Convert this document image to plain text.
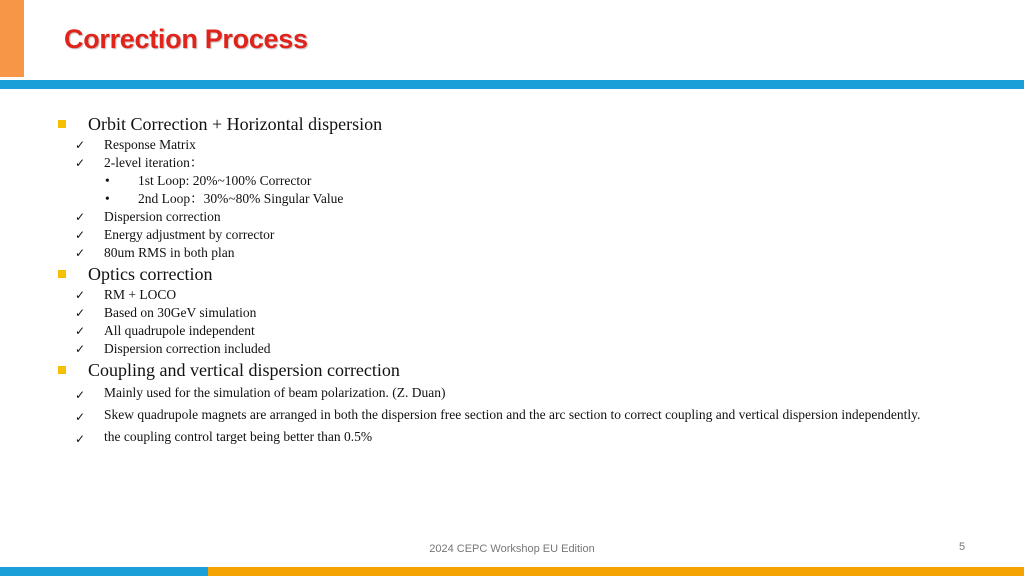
Correction Process
Orbit Correction + Horizontal dispersion
✓ Response Matrix
✓ 2-level iteration：
• 1st Loop: 20%~100% Corrector
• 2nd Loop：30%~80% Singular Value
✓ Dispersion correction
✓ Energy adjustment by corrector
✓ 80um RMS in both plan
Optics correction
✓ RM + LOCO
✓ Based on 30GeV simulation
✓ All quadrupole independent
✓ Dispersion correction included
Coupling and vertical dispersion correction
✓ Mainly used for the simulation of beam polarization. (Z. Duan)
✓ Skew quadrupole magnets are arranged in both the dispersion free section and the arc section to correct coupling and vertical dispersion independently.
✓ the coupling control target being better than 0.5%
2024 CEPC Workshop EU Edition	5
